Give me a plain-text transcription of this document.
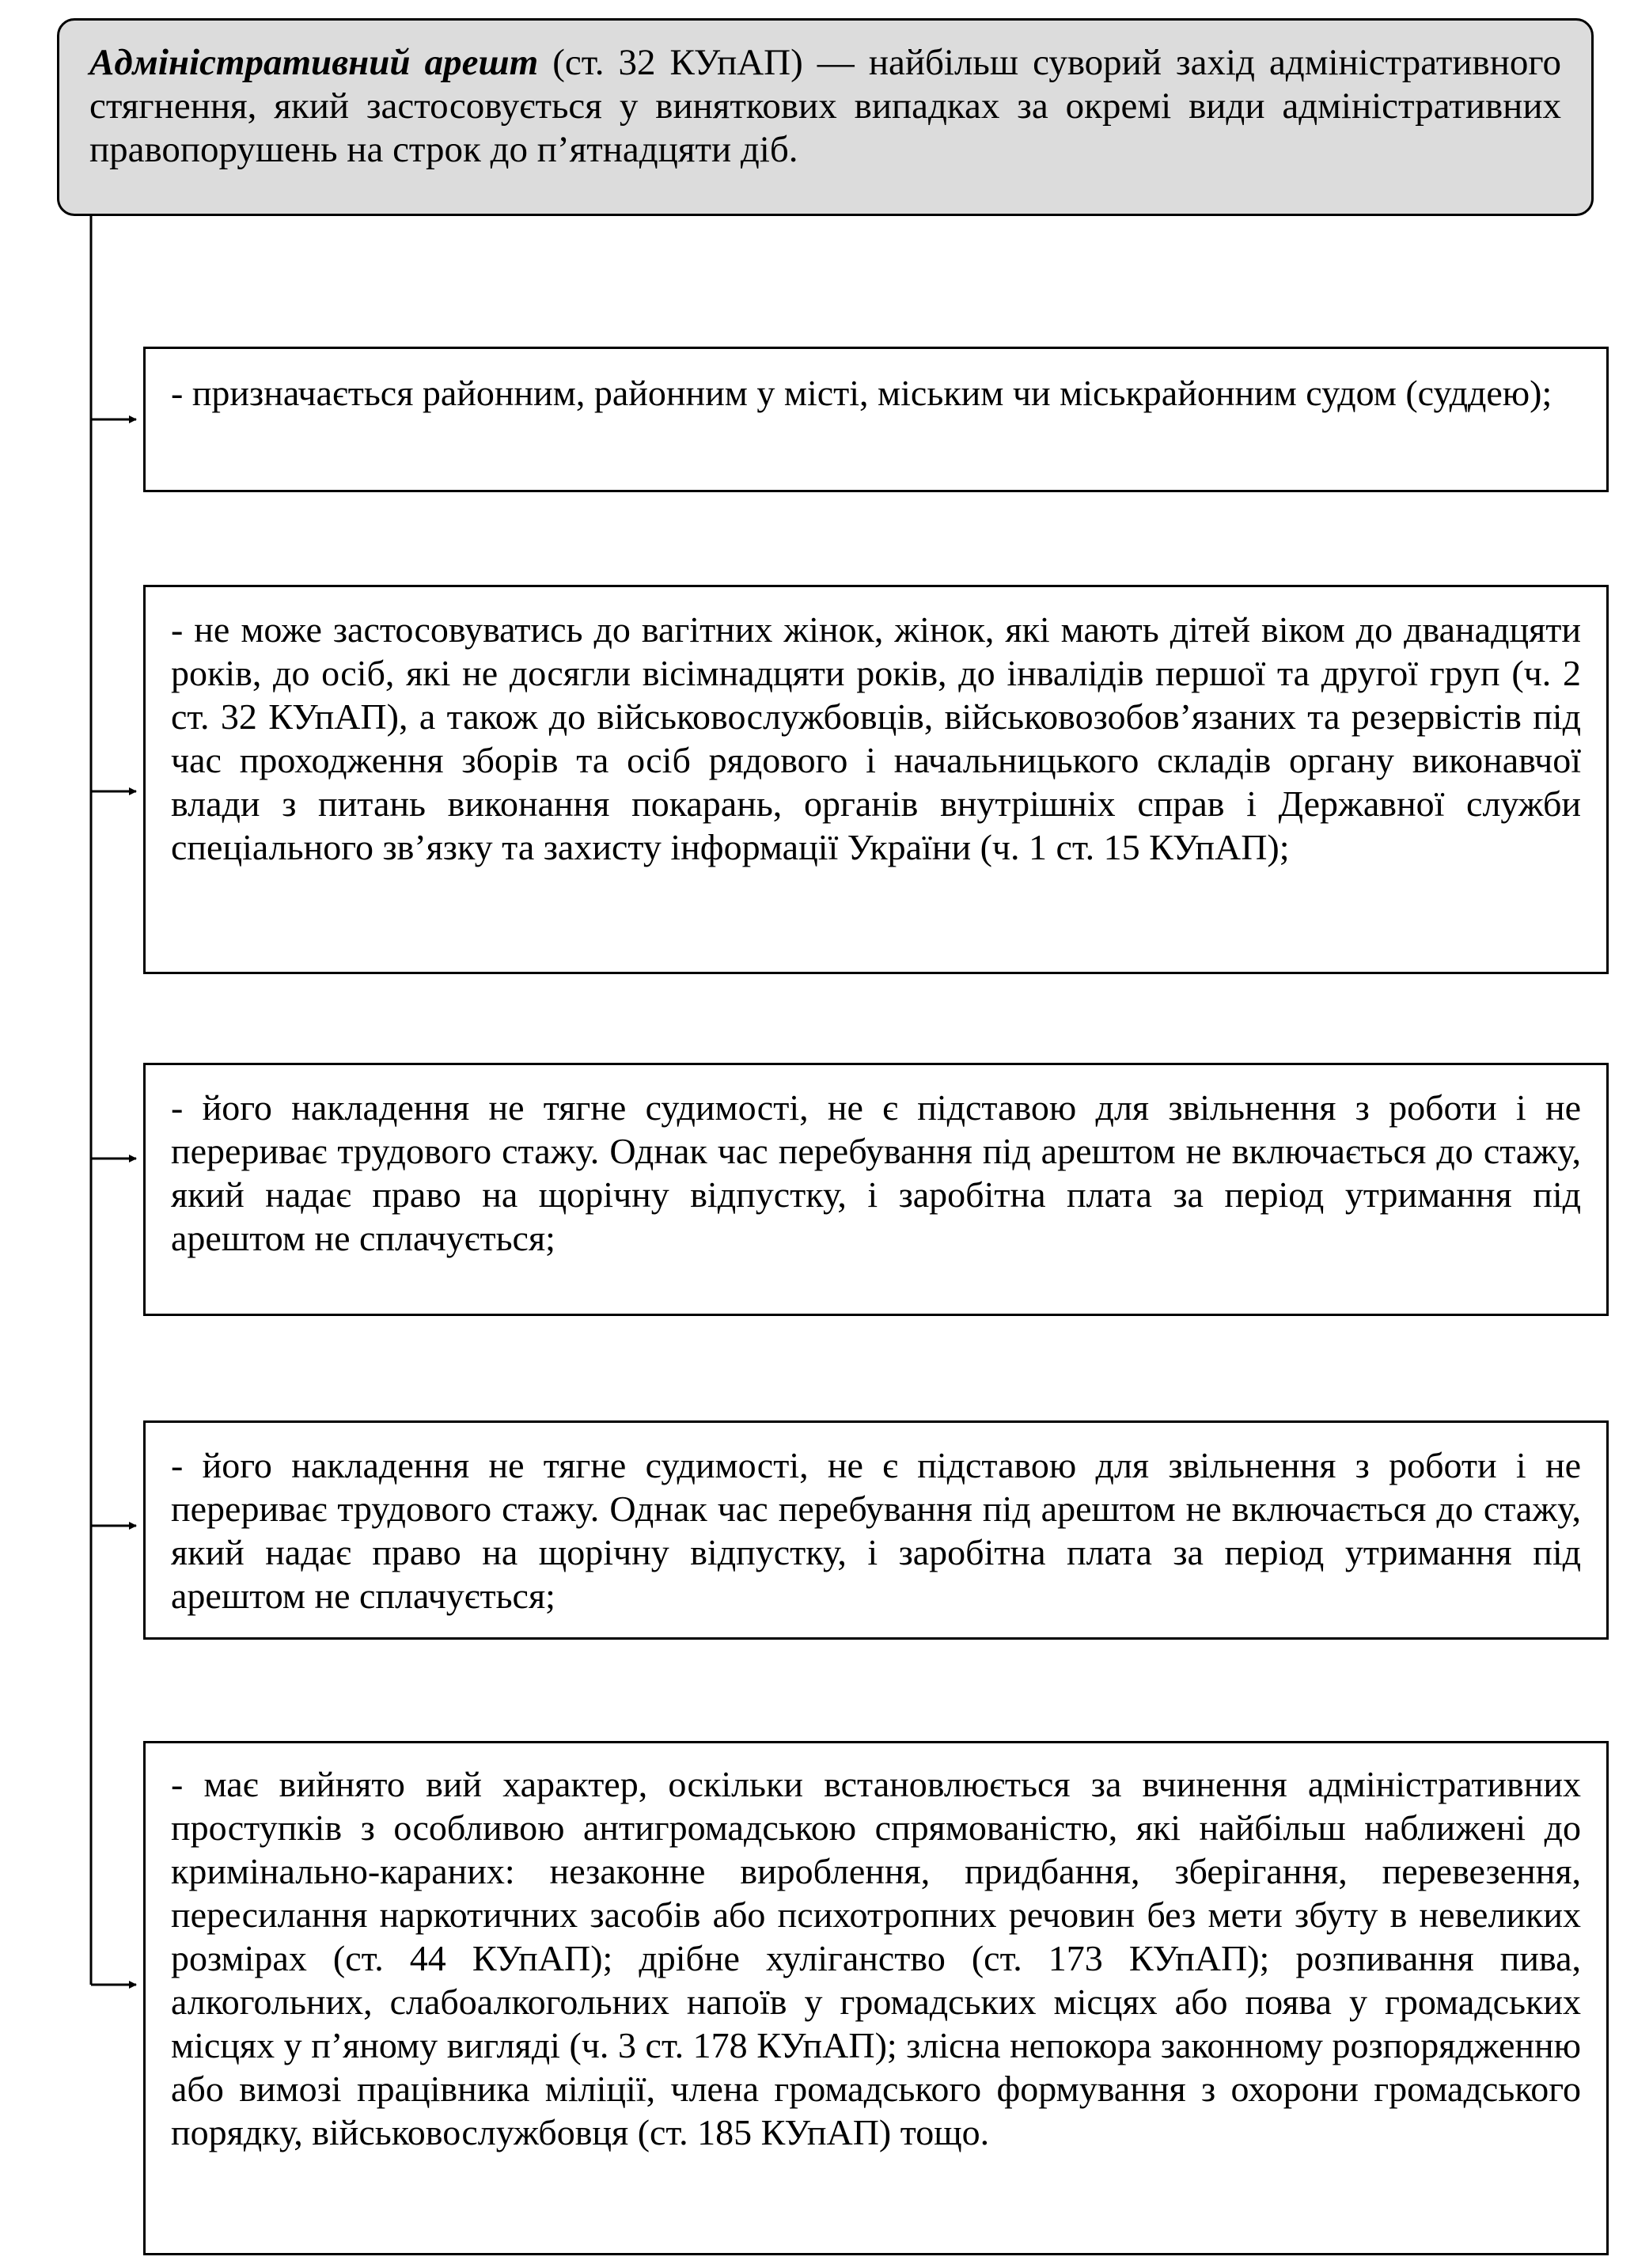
Адміністративний арешт (ст. 32 КУпАП) — найбільш суворий захід адміністративного стягнення, який застосовується у виняткових випадках за окремі види адміністративних правопорушень на строк до п’ятнадцяти діб.
- призначається районним, районним у місті, міським чи міськрайонним судом (суддею);
- не може застосовуватись до вагітних жінок, жінок, які мають дітей віком до дванадцяти років, до осіб, які не досягли вісімнадцяти років, до інвалідів першої та другої груп (ч. 2 ст. 32 КУпАП), а також до військовослужбовців, військовозобов’язаних та резервістів під час проходження зборів та осіб рядового і начальницького складів органу виконавчої влади з питань виконання покарань, органів внутрішніх справ і Державної служби спеціального зв’язку та захисту інформації України (ч. 1 ст. 15 КУпАП);
- його накладення не тягне судимості, не є підставою для звільнення з роботи і не перериває трудового стажу. Однак час перебування під арештом не включається до стажу, який надає право на щорічну відпустку, і заробітна плата за період утримання під арештом не сплачується;
- його накладення не тягне судимості, не є підставою для звільнення з роботи і не перериває трудового стажу. Однак час перебування під арештом не включається до стажу, який надає право на щорічну відпустку, і заробітна плата за період утримання під арештом не сплачується;
- має вийнято вий характер, оскільки встановлюється за вчинення адміністративних проступків з особливою антигромадською спрямованістю, які найбільш наближені до кримінально-караних: незаконне вироблення, придбання, зберігання, перевезення, пересилання наркотичних засобів або психотропних речовин без мети збуту в невеликих розмірах (ст. 44 КУпАП); дрібне хуліганство (ст. 173 КУпАП); розпивання пива, алкогольних, слабоалкогольних напоїв у громадських місцях або поява у громадських місцях у п’яному вигляді (ч. 3 ст. 178 КУпАП); злісна непокора законному розпорядженню або вимозі працівника міліції, члена громадського формування з охорони громадського порядку, військовослужбовця (ст. 185 КУпАП) тощо.
